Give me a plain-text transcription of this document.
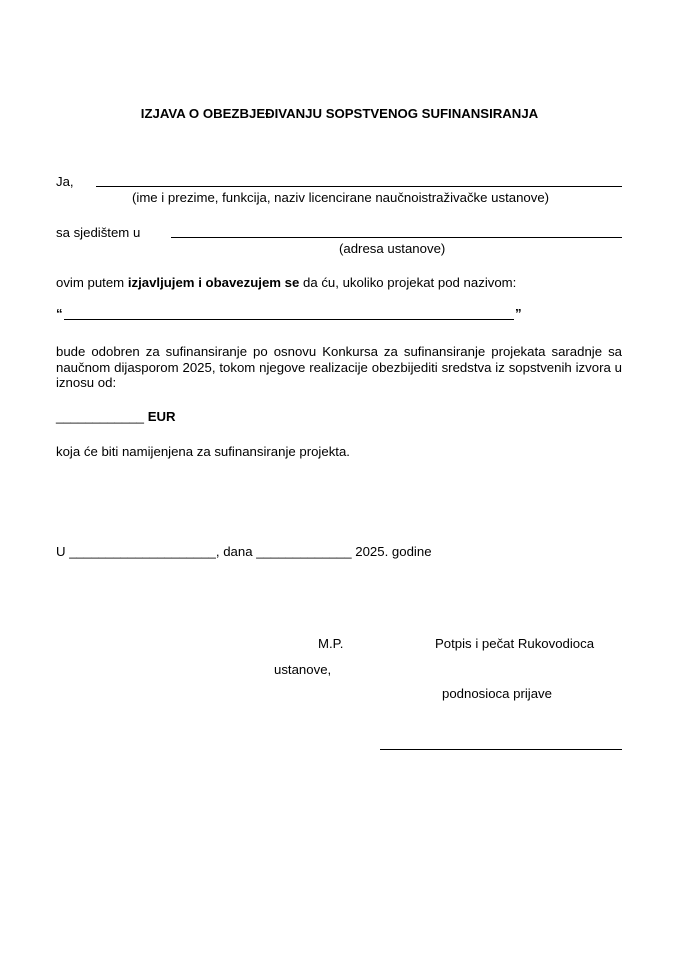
IZJAVA O OBEZBJEĐIVANJU SOPSTVENOG SUFINANSIRANJA
Ja,
(ime i prezime, funkcija, naziv licencirane naučnoistraživačke ustanove)
sa sjedištem u
(adresa ustanove)
ovim putem izjavljujem i obavezujem se da ću, ukoliko projekat pod nazivom:
“	”
bude odobren za sufinansiranje po osnovu Konkursa za sufinansiranje projekata saradnje sa naučnom dijasporom 2025, tokom njegove realizacije obezbijediti sredstva iz sopstvenih izvora u iznosu od:
____________ EUR
koja će biti namijenjena za sufinansiranje projekta.
U ____________________, dana _____________ 2025. godine
M.P.	Potpis i pečat Rukovodioca
ustanove,
podnosioca prijave
